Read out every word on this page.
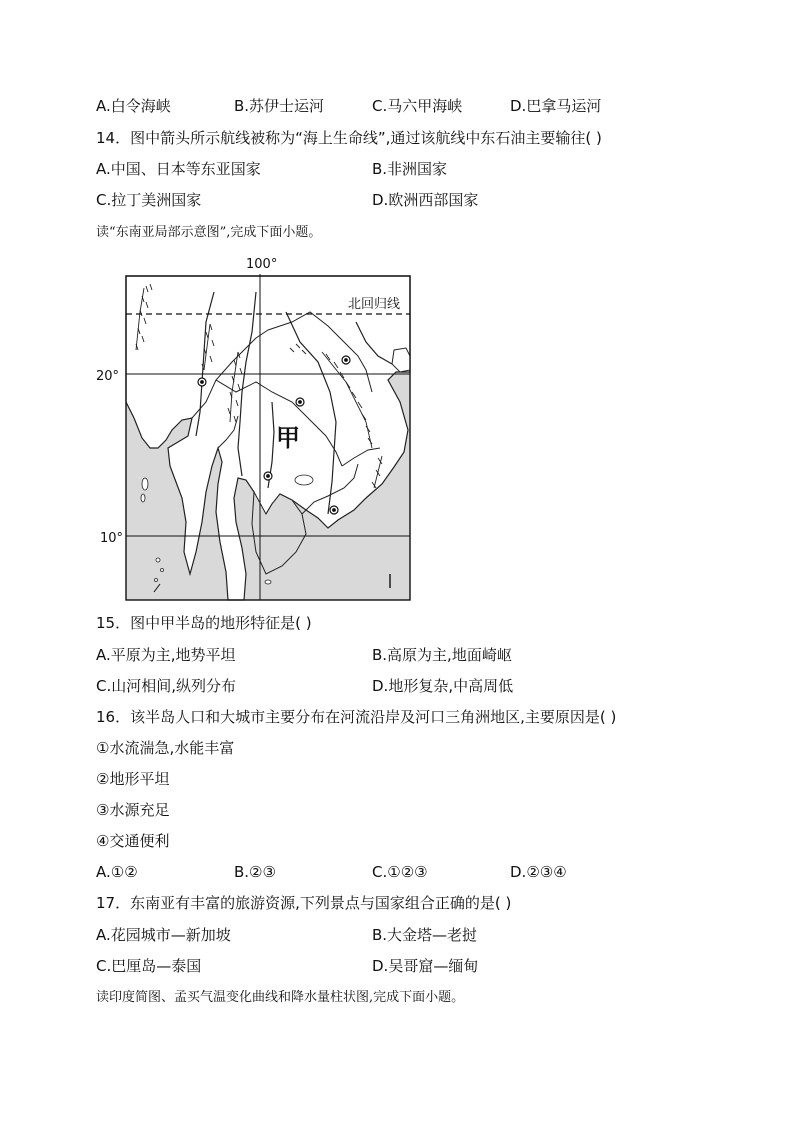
A.白令海峡	B.苏伊士运河	C.马六甲海峡	D.巴拿马运河
14．图中箭头所示航线被称为“海上生命线”,通过该航线中东石油主要输往( )
A.中国、日本等东亚国家	B.非洲国家
C.拉丁美洲国家	D.欧洲西部国家
读“东南亚局部示意图”,完成下面小题。
100°
20°
10°
北回归线
甲
15．图中甲半岛的地形特征是( )
A.平原为主,地势平坦	B.高原为主,地面崎岖
C.山河相间,纵列分布	D.地形复杂,中高周低
16．该半岛人口和大城市主要分布在河流沿岸及河口三角洲地区,主要原因是( )
①水流湍急,水能丰富
②地形平坦
③水源充足
④交通便利
A.①②	B.②③	C.①②③	D.②③④
17．东南亚有丰富的旅游资源,下列景点与国家组合正确的是( )
A.花园城市—新加坡	B.大金塔—老挝
C.巴厘岛—泰国	D.吴哥窟—缅甸
读印度简图、孟买气温变化曲线和降水量柱状图,完成下面小题。
